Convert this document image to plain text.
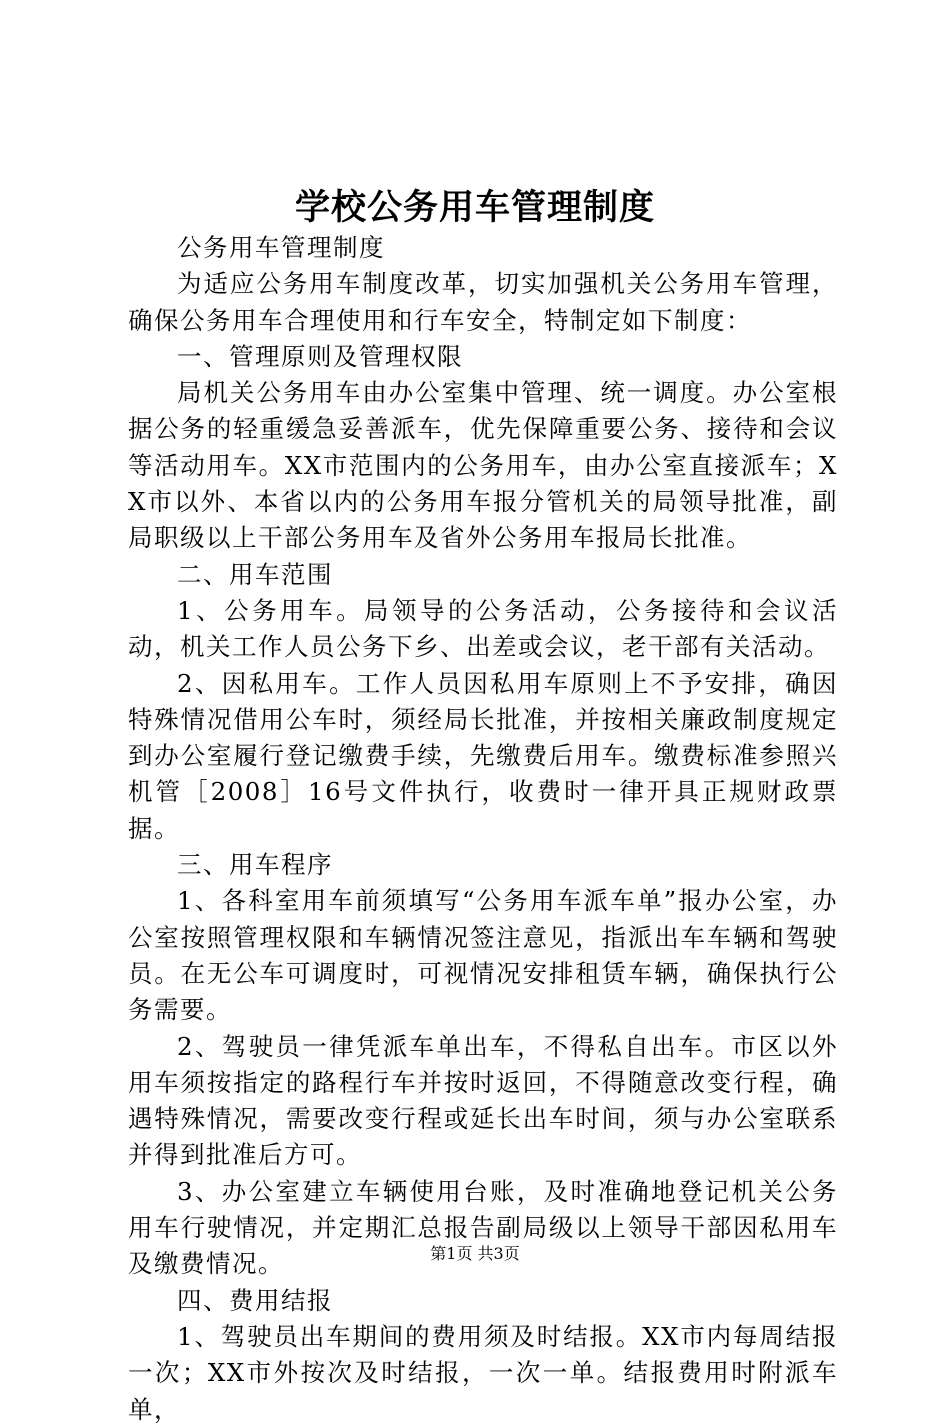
学校公务用车管理制度

公务用车管理制度

为适应公务用车制度改革，切实加强机关公务用车管理，确保公务用车合理使用和行车安全，特制定如下制度：

一、管理原则及管理权限

局机关公务用车由办公室集中管理、统一调度。办公室根据公务的轻重缓急妥善派车，优先保障重要公务、接待和会议等活动用车。XX市范围内的公务用车，由办公室直接派车；XX市以外、本省以内的公务用车报分管机关的局领导批准，副局职级以上干部公务用车及省外公务用车报局长批准。

二、用车范围

1、公务用车。局领导的公务活动，公务接待和会议活动，机关工作人员公务下乡、出差或会议，老干部有关活动。

2、因私用车。工作人员因私用车原则上不予安排，确因特殊情况借用公车时，须经局长批准，并按相关廉政制度规定到办公室履行登记缴费手续，先缴费后用车。缴费标准参照兴机管［2008］16号文件执行，收费时一律开具正规财政票据。

三、用车程序

1、各科室用车前须填写“公务用车派车单”报办公室，办公室按照管理权限和车辆情况签注意见，指派出车车辆和驾驶员。在无公车可调度时，可视情况安排租赁车辆，确保执行公务需要。

2、驾驶员一律凭派车单出车，不得私自出车。市区以外用车须按指定的路程行车并按时返回，不得随意改变行程，确遇特殊情况，需要改变行程或延长出车时间，须与办公室联系并得到批准后方可。

3、办公室建立车辆使用台账，及时准确地登记机关公务用车行驶情况，并定期汇总报告副局级以上领导干部因私用车及缴费情况。

四、费用结报

1、驾驶员出车期间的费用须及时结报。XX市内每周结报一次；XX市外按次及时结报，一次一单。结报费用时附派车单，

第1页 共3页
